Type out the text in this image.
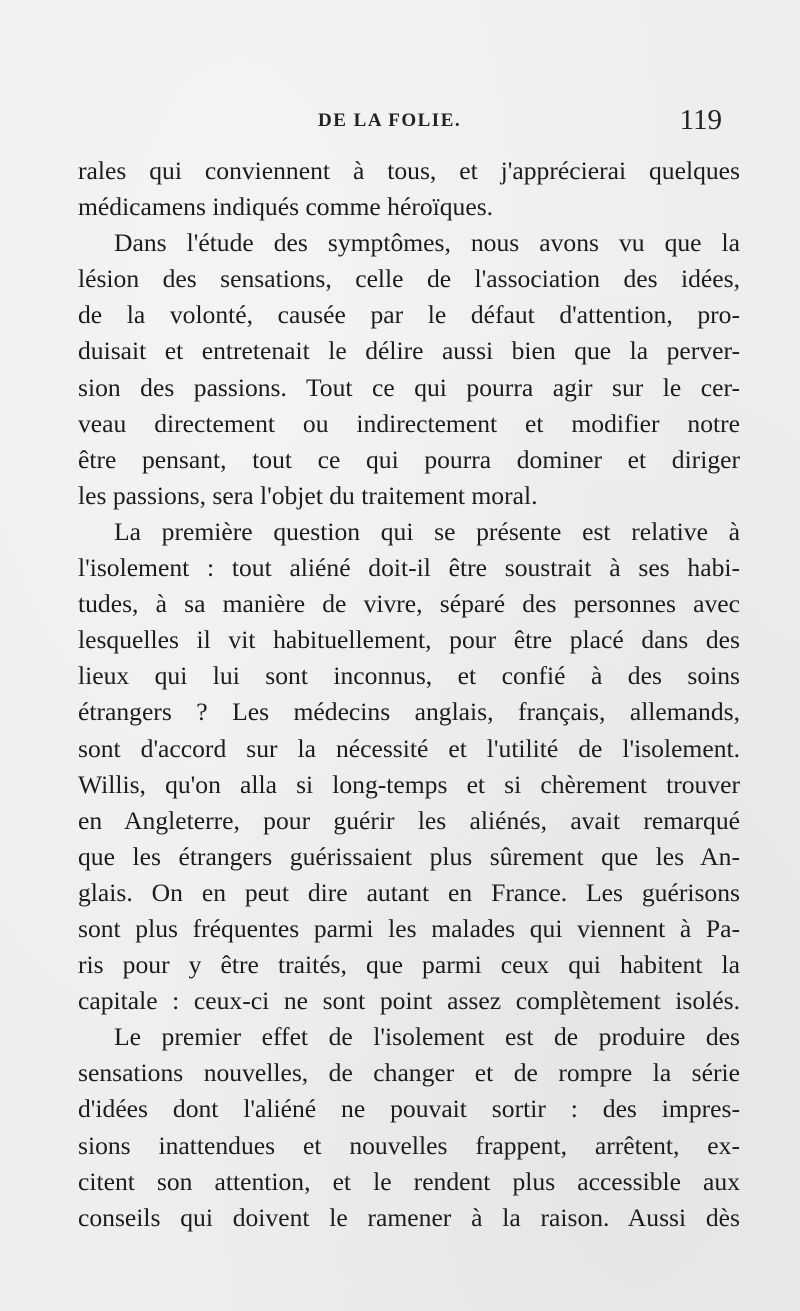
DE LA FOLIE.	119
rales qui conviennent à tous, et j'apprécierai quelques
médicamens indiqués comme héroïques.
Dans l'étude des symptômes, nous avons vu que la
lésion des sensations, celle de l'association des idées,
de la volonté, causée par le défaut d'attention, pro-
duisait et entretenait le délire aussi bien que la perver-
sion des passions. Tout ce qui pourra agir sur le cer-
veau directement ou indirectement et modifier notre
être pensant, tout ce qui pourra dominer et diriger
les passions, sera l'objet du traitement moral.
La première question qui se présente est relative à
l'isolement : tout aliéné doit-il être soustrait à ses habi-
tudes, à sa manière de vivre, séparé des personnes avec
lesquelles il vit habituellement, pour être placé dans des
lieux qui lui sont inconnus, et confié à des soins
étrangers ? Les médecins anglais, français, allemands,
sont d'accord sur la nécessité et l'utilité de l'isolement.
Willis, qu'on alla si long-temps et si chèrement trouver
en Angleterre, pour guérir les aliénés, avait remarqué
que les étrangers guérissaient plus sûrement que les An-
glais. On en peut dire autant en France. Les guérisons
sont plus fréquentes parmi les malades qui viennent à Pa-
ris pour y être traités, que parmi ceux qui habitent la
capitale : ceux-ci ne sont point assez complètement isolés.
Le premier effet de l'isolement est de produire des
sensations nouvelles, de changer et de rompre la série
d'idées dont l'aliéné ne pouvait sortir : des impres-
sions inattendues et nouvelles frappent, arrêtent, ex-
citent son attention, et le rendent plus accessible aux
conseils qui doivent le ramener à la raison. Aussi dès
